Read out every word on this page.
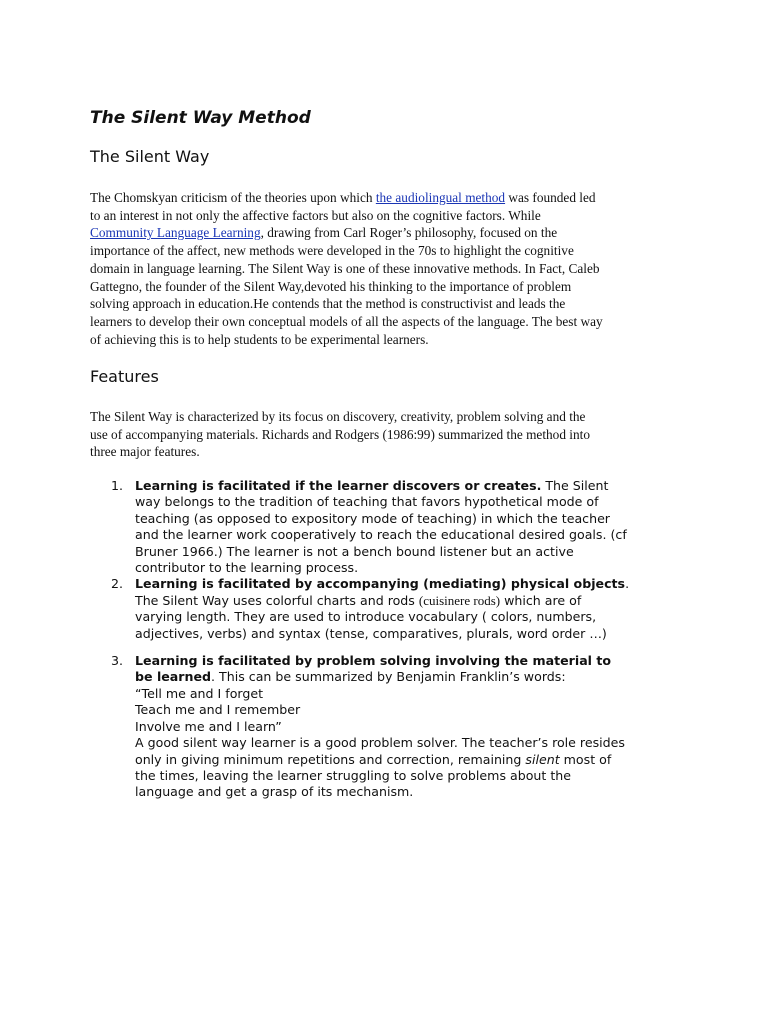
The Silent Way Method
The Silent Way

The Chomskyan criticism of the theories upon which the audiolingual method was founded led
to an interest in not only the affective factors but also on the cognitive factors. While
Community Language Learning, drawing from Carl Roger’s philosophy, focused on the
importance of the affect, new methods were developed in the 70s to highlight the cognitive
domain in language learning. The Silent Way is one of these innovative methods. In Fact, Caleb
Gattegno, the founder of the Silent Way,devoted his thinking to the importance of problem
solving approach in education.He contends that the method is constructivist and leads the
learners to develop their own conceptual models of all the aspects of the language. The best way
of achieving this is to help students to be experimental learners.

Features

The Silent Way is characterized by its focus on discovery, creativity, problem solving and the
use of accompanying materials. Richards and Rodgers (1986:99) summarized the method into
three major features.

1. Learning is facilitated if the learner discovers or creates. The Silent
way belongs to the tradition of teaching that favors hypothetical mode of
teaching (as opposed to expository mode of teaching) in which the teacher
and the learner work cooperatively to reach the educational desired goals. (cf
Bruner 1966.) The learner is not a bench bound listener but an active
contributor to the learning process.
2. Learning is facilitated by accompanying (mediating) physical objects.
The Silent Way uses colorful charts and rods (cuisinere rods) which are of
varying length. They are used to introduce vocabulary ( colors, numbers,
adjectives, verbs) and syntax (tense, comparatives, plurals, word order …)
3. Learning is facilitated by problem solving involving the material to
be learned. This can be summarized by Benjamin Franklin’s words:
“Tell me and I forget
Teach me and I remember
Involve me and I learn”
A good silent way learner is a good problem solver. The teacher’s role resides
only in giving minimum repetitions and correction, remaining silent most of
the times, leaving the learner struggling to solve problems about the
language and get a grasp of its mechanism.
